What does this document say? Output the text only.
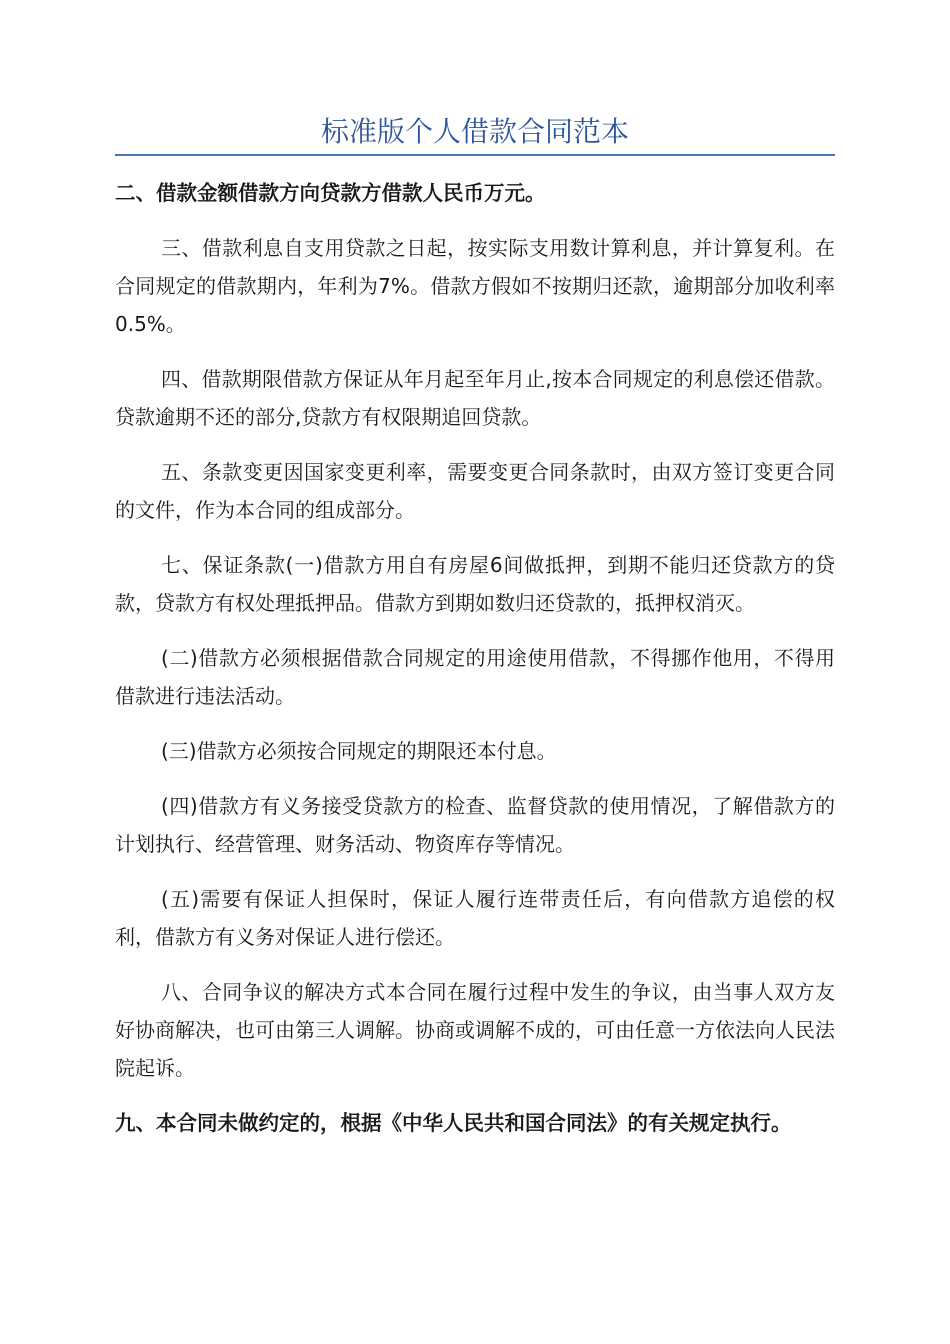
标准版个人借款合同范本

二、借款金额借款方向贷款方借款人民币万元。

三、借款利息自支用贷款之日起，按实际支用数计算利息，并计算复利。在合同规定的借款期内，年利为7%。借款方假如不按期归还款，逾期部分加收利率0.5%。

四、借款期限借款方保证从年月起至年月止,按本合同规定的利息偿还借款。贷款逾期不还的部分,贷款方有权限期追回贷款。

五、条款变更因国家变更利率，需要变更合同条款时，由双方签订变更合同的文件，作为本合同的组成部分。

七、保证条款(一)借款方用自有房屋6间做抵押，到期不能归还贷款方的贷款，贷款方有权处理抵押品。借款方到期如数归还贷款的，抵押权消灭。

(二)借款方必须根据借款合同规定的用途使用借款，不得挪作他用，不得用借款进行违法活动。

(三)借款方必须按合同规定的期限还本付息。

(四)借款方有义务接受贷款方的检查、监督贷款的使用情况，了解借款方的计划执行、经营管理、财务活动、物资库存等情况。

(五)需要有保证人担保时，保证人履行连带责任后，有向借款方追偿的权利，借款方有义务对保证人进行偿还。

八、合同争议的解决方式本合同在履行过程中发生的争议，由当事人双方友好协商解决，也可由第三人调解。协商或调解不成的，可由任意一方依法向人民法院起诉。

九、本合同未做约定的，根据《中华人民共和国合同法》的有关规定执行。
